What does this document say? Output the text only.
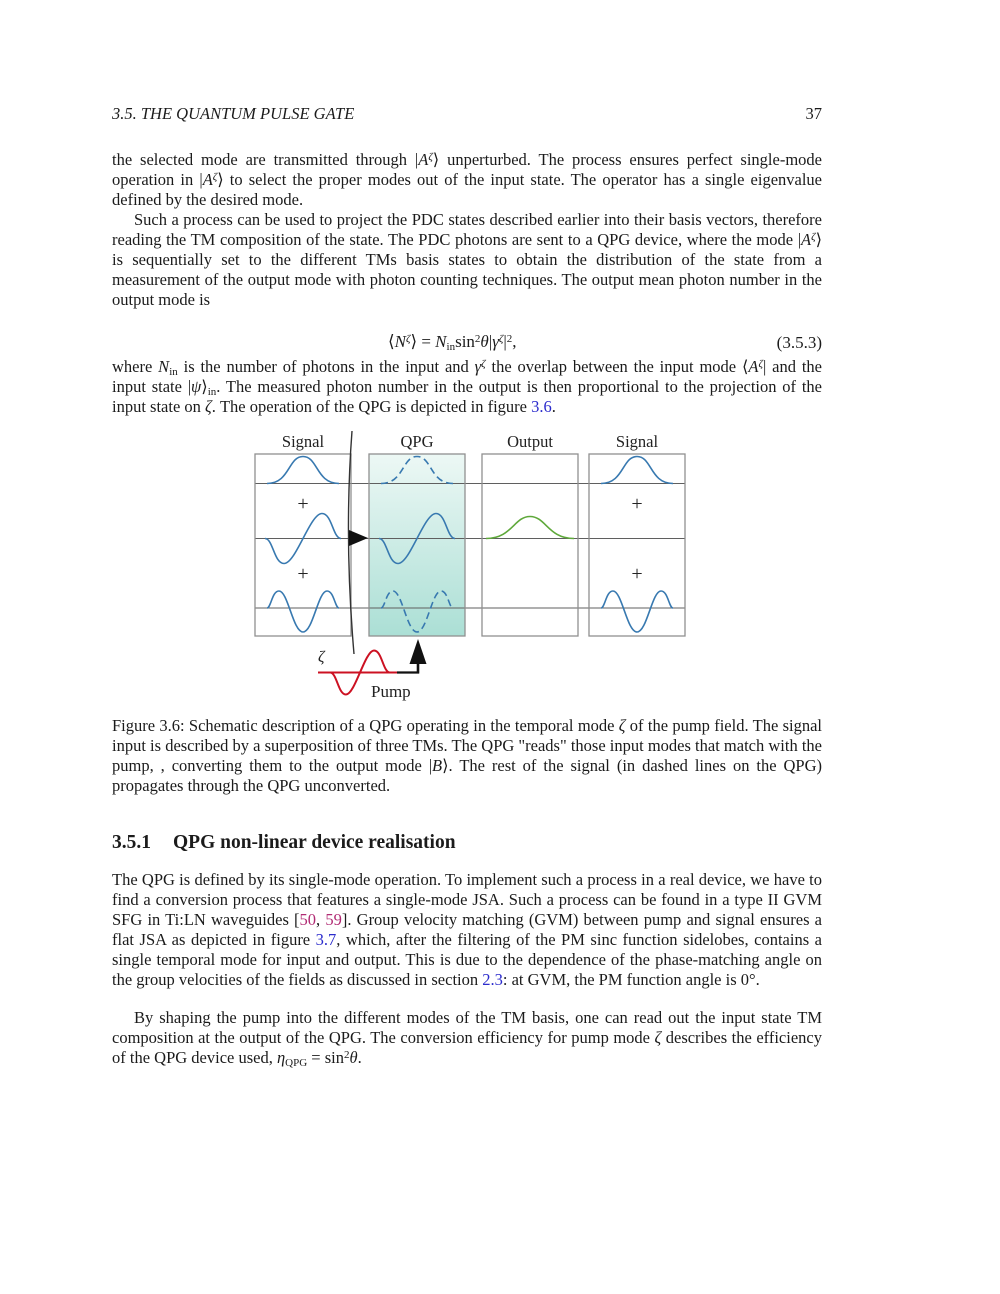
3.5. THE QUANTUM PULSE GATE	37
the selected mode are transmitted through $|A^\zeta⟩$ unperturbed. The process ensures perfect single-mode operation in $|A^\zeta⟩$ to select the proper modes out of the input state. The operator has a single eigenvalue defined by the desired mode.
Such a process can be used to project the PDC states described earlier into their basis vectors, therefore reading the TM composition of the state. The PDC photons are sent to a QPG device, where the mode $|A^\zeta⟩$ is sequentially set to the different TMs basis states to obtain the distribution of the state from a measurement of the output mode with photon counting techniques. The output mean photon number in the output mode is
$⟨N^\zeta⟩ = N_{in}\sin^2\theta|\gamma^\zeta|^2$,	(3.5.3)
where $N_{in}$ is the number of photons in the input and $\gamma^\zeta$ the overlap between the input mode $⟨A^\zeta|$ and the input state $|\psi⟩_{in}$. The measured photon number in the output is then proportional to the projection of the input state on ζ. The operation of the QPG is depicted in figure 3.6.
Signal	QPG	Output	Signal
+
+
+
+
ζ
Pump
Figure 3.6: Schematic description of a QPG operating in the temporal mode ζ of the pump field. The signal input is described by a superposition of three TMs. The QPG "reads" those input modes that match with the pump, , converting them to the output mode |B⟩. The rest of the signal (in dashed lines on the QPG) propagates through the QPG unconverted.
3.5.1 QPG non-linear device realisation
The QPG is defined by its single-mode operation. To implement such a process in a real device, we have to find a conversion process that features a single-mode JSA. Such a process can be found in a type II GVM SFG in Ti:LN waveguides [50, 59]. Group velocity matching (GVM) between pump and signal ensures a flat JSA as depicted in figure 3.7, which, after the filtering of the PM sinc function sidelobes, contains a single temporal mode for input and output. This is due to the dependence of the phase-matching angle on the group velocities of the fields as discussed in section 2.3: at GVM, the PM function angle is 0°.
By shaping the pump into the different modes of the TM basis, one can read out the input state TM composition at the output of the QPG. The conversion efficiency for pump mode ζ describes the efficiency of the QPG device used, $\eta_{QPG} = \sin^2\theta$.
